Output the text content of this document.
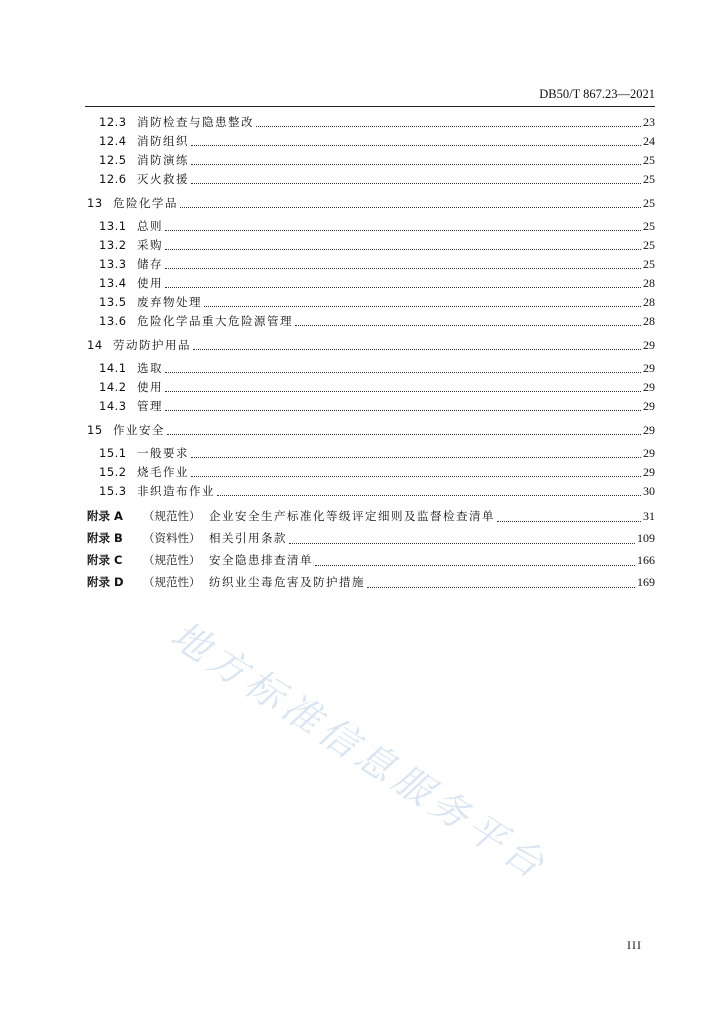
DB50/T 867.23—2021
12.3 消防检查与隐患整改	23
12.4 消防组织	24
12.5 消防演练	25
12.6 灭火救援	25
13 危险化学品	25
13.1 总则	25
13.2 采购	25
13.3 储存	25
13.4 使用	28
13.5 废弃物处理	28
13.6 危险化学品重大危险源管理	28
14 劳动防护用品	29
14.1 选取	29
14.2 使用	29
14.3 管理	29
15 作业安全	29
15.1 一般要求	29
15.2 烧毛作业	29
15.3 非织造布作业	30
附录 A	（规范性） 企业安全生产标准化等级评定细则及监督检查清单	31
附录 B	（资料性） 相关引用条款	109
附录 C	（规范性） 安全隐患排查清单	166
附录 D	（规范性） 纺织业尘毒危害及防护措施	169
III
地方标准信息服务平台
